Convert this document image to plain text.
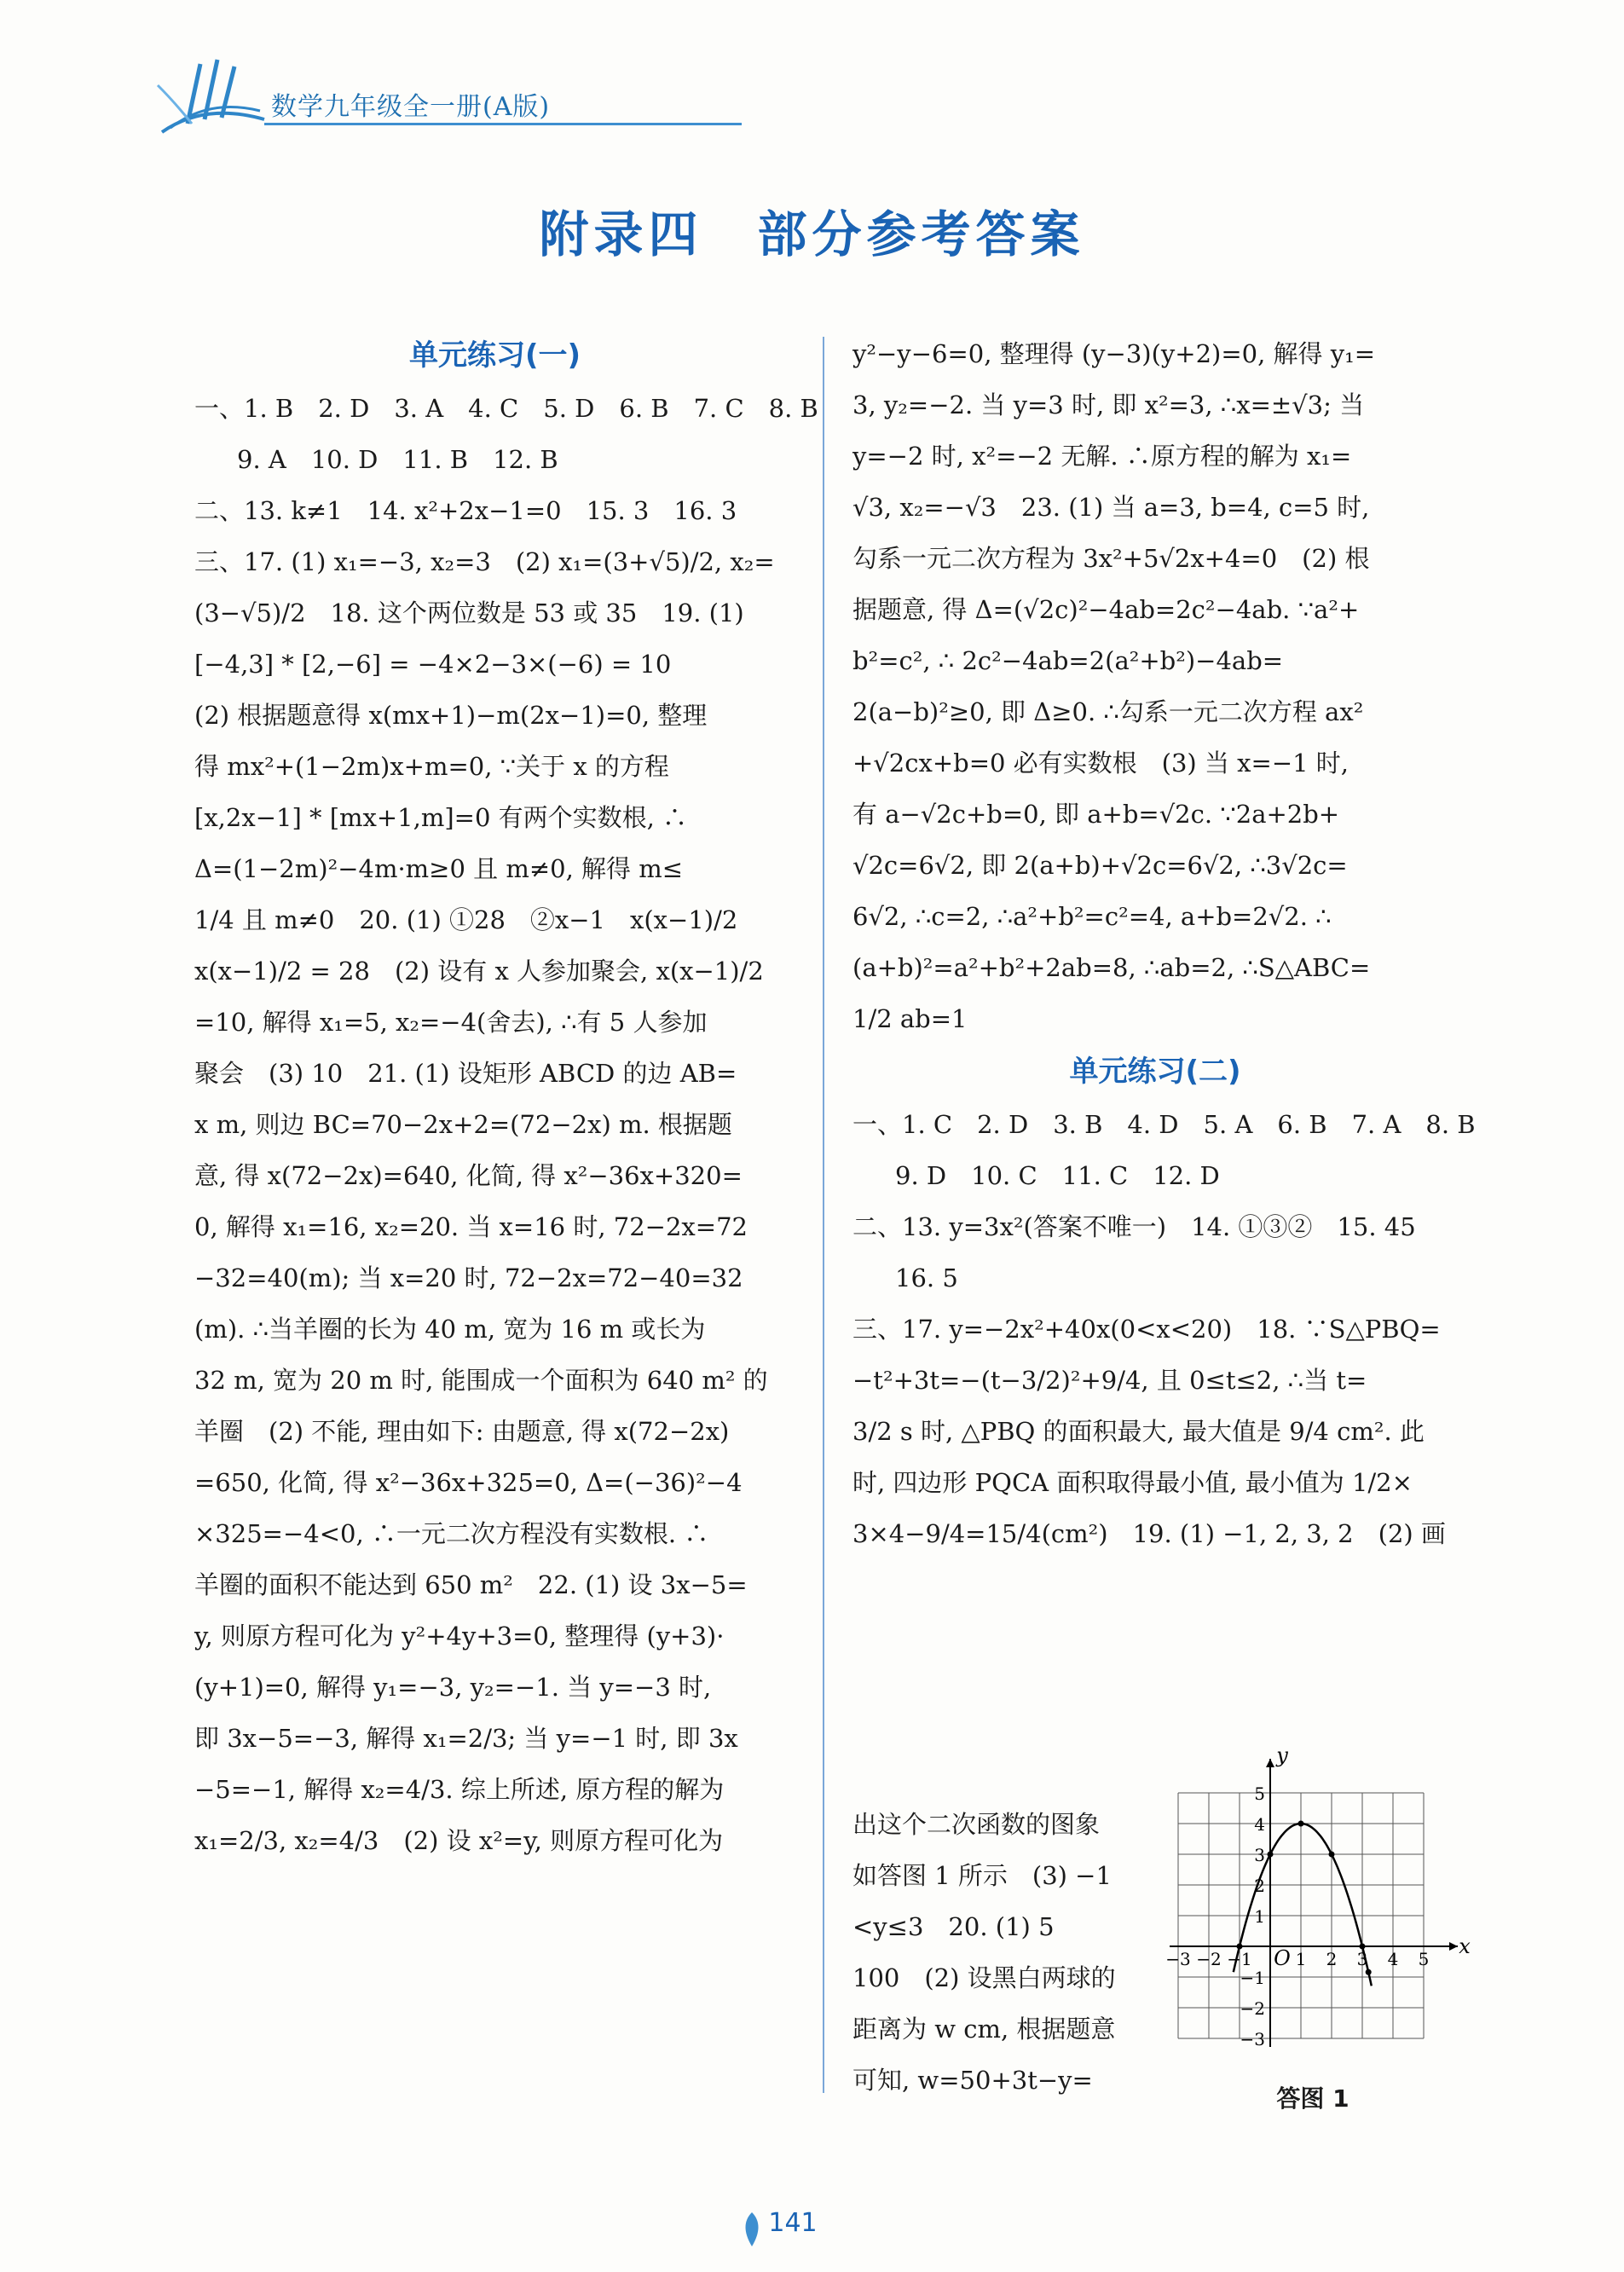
数学九年级全一册(A版)
附录四　部分参考答案
单元练习(一)
一、1. B　2. D　3. A　4. C　5. D　6. B　7. C　8. B
9. A　10. D　11. B　12. B
二、13. k≠1　14. x²+2x−1=0　15. 3　16. 3
三、17. (1) x₁=−3, x₂=3　(2) x₁=(3+√5)/2, x₂=
(3−√5)/2　18. 这个两位数是 53 或 35　19. (1)
[−4,3] * [2,−6] = −4×2−3×(−6) = 10
(2) 根据题意得 x(mx+1)−m(2x−1)=0, 整理
得 mx²+(1−2m)x+m=0, ∵关于 x 的方程
[x,2x−1] * [mx+1,m]=0 有两个实数根, ∴
Δ=(1−2m)²−4m·m≥0 且 m≠0, 解得 m≤
1/4 且 m≠0　20. (1) ①28　②x−1　x(x−1)/2
x(x−1)/2 = 28　(2) 设有 x 人参加聚会, x(x−1)/2
=10, 解得 x₁=5, x₂=−4(舍去), ∴有 5 人参加
聚会　(3) 10　21. (1) 设矩形 ABCD 的边 AB=
x m, 则边 BC=70−2x+2=(72−2x) m. 根据题
意, 得 x(72−2x)=640, 化简, 得 x²−36x+320=
0, 解得 x₁=16, x₂=20. 当 x=16 时, 72−2x=72
−32=40(m); 当 x=20 时, 72−2x=72−40=32
(m). ∴当羊圈的长为 40 m, 宽为 16 m 或长为
32 m, 宽为 20 m 时, 能围成一个面积为 640 m² 的
羊圈　(2) 不能, 理由如下: 由题意, 得 x(72−2x)
=650, 化简, 得 x²−36x+325=0, Δ=(−36)²−4
×325=−4<0, ∴一元二次方程没有实数根. ∴
羊圈的面积不能达到 650 m²　22. (1) 设 3x−5=
y, 则原方程可化为 y²+4y+3=0, 整理得 (y+3)·
(y+1)=0, 解得 y₁=−3, y₂=−1. 当 y=−3 时,
即 3x−5=−3, 解得 x₁=2/3; 当 y=−1 时, 即 3x
−5=−1, 解得 x₂=4/3. 综上所述, 原方程的解为
x₁=2/3, x₂=4/3　(2) 设 x²=y, 则原方程可化为
y²−y−6=0, 整理得 (y−3)(y+2)=0, 解得 y₁=
3, y₂=−2. 当 y=3 时, 即 x²=3, ∴x=±√3; 当
y=−2 时, x²=−2 无解. ∴原方程的解为 x₁=
√3, x₂=−√3　23. (1) 当 a=3, b=4, c=5 时,
勾系一元二次方程为 3x²+5√2x+4=0　(2) 根
据题意, 得 Δ=(√2c)²−4ab=2c²−4ab. ∵a²+
b²=c², ∴ 2c²−4ab=2(a²+b²)−4ab=
2(a−b)²≥0, 即 Δ≥0. ∴勾系一元二次方程 ax²
+√2cx+b=0 必有实数根　(3) 当 x=−1 时,
有 a−√2c+b=0, 即 a+b=√2c. ∵2a+2b+
√2c=6√2, 即 2(a+b)+√2c=6√2, ∴3√2c=
6√2, ∴c=2, ∴a²+b²=c²=4, a+b=2√2. ∴
(a+b)²=a²+b²+2ab=8, ∴ab=2, ∴S△ABC=
1/2 ab=1
单元练习(二)
一、1. C　2. D　3. B　4. D　5. A　6. B　7. A　8. B
9. D　10. C　11. C　12. D
二、13. y=3x²(答案不唯一)　14. ①③②　15. 45
16. 5
三、17. y=−2x²+40x(0<x<20)　18. ∵S△PBQ=
−t²+3t=−(t−3/2)²+9/4, 且 0≤t≤2, ∴当 t=
3/2 s 时, △PBQ 的面积最大, 最大值是 9/4 cm². 此
时, 四边形 PQCA 面积取得最小值, 最小值为 1/2×
3×4−9/4=15/4(cm²)　19. (1) −1, 2, 3, 2　(2) 画
出这个二次函数的图象
如答图 1 所示　(3) −1
<y≤3　20. (1) 5
100　(2) 设黑白两球的
距离为 w cm, 根据题意
可知, w=50+3t−y=
x
y
O
−3 −2 −1	1 2 3 4 5
5
4
3
2
1
−1
−2
−3
答图 1
141
